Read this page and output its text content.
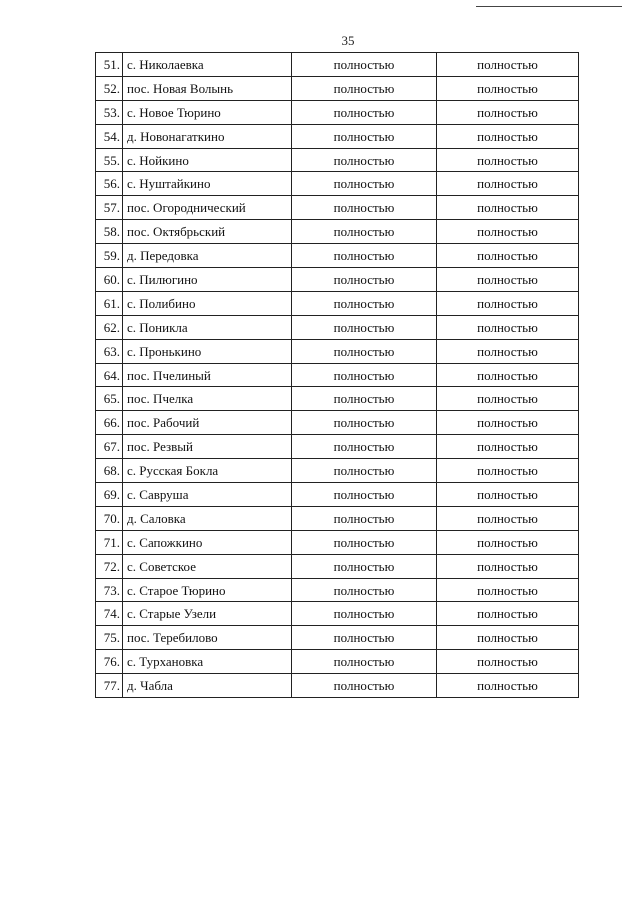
35
51.	с. Николаевка	полностью	полностью
52.	пос. Новая Волынь	полностью	полностью
53.	с. Новое Тюрино	полностью	полностью
54.	д. Новонагаткино	полностью	полностью
55.	с. Нойкино	полностью	полностью
56.	с. Нуштайкино	полностью	полностью
57.	пос. Огороднический	полностью	полностью
58.	пос. Октябрьский	полностью	полностью
59.	д. Передовка	полностью	полностью
60.	с. Пилюгино	полностью	полностью
61.	с. Полибино	полностью	полностью
62.	с. Поникла	полностью	полностью
63.	с. Пронькино	полностью	полностью
64.	пос. Пчелиный	полностью	полностью
65.	пос. Пчелка	полностью	полностью
66.	пос. Рабочий	полностью	полностью
67.	пос. Резвый	полностью	полностью
68.	с. Русская Бокла	полностью	полностью
69.	с. Савруша	полностью	полностью
70.	д. Саловка	полностью	полностью
71.	с. Сапожкино	полностью	полностью
72.	с. Советское	полностью	полностью
73.	с. Старое Тюрино	полностью	полностью
74.	с. Старые Узели	полностью	полностью
75.	пос. Теребилово	полностью	полностью
76.	с. Турхановка	полностью	полностью
77.	д. Чабла	полностью	полностью
